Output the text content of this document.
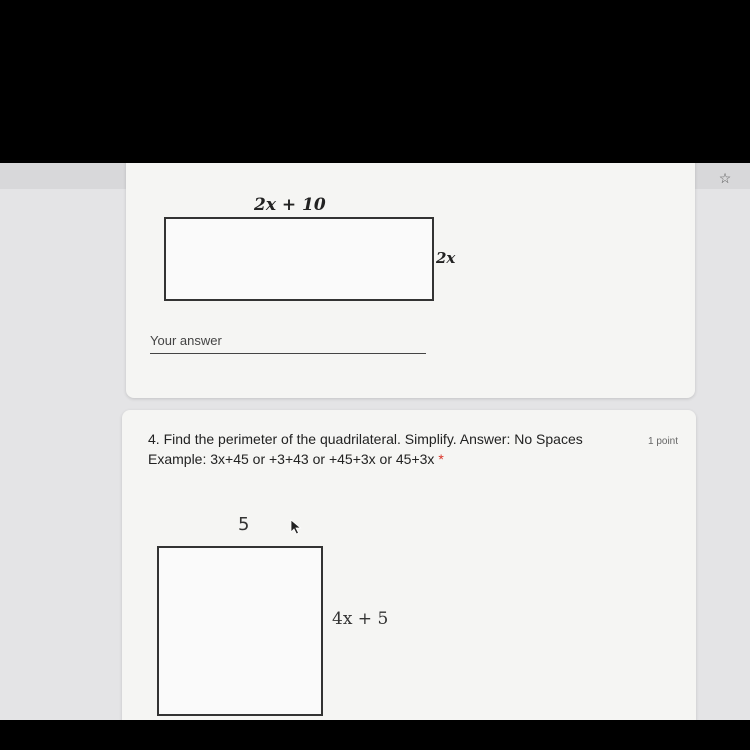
☆
2x + 10
2x
Your answer
4. Find the perimeter of the quadrilateral. Simplify. Answer: No Spaces
Example: 3x+45 or +3+43 or +45+3x or 45+3x *
1 point
5
4x + 5
